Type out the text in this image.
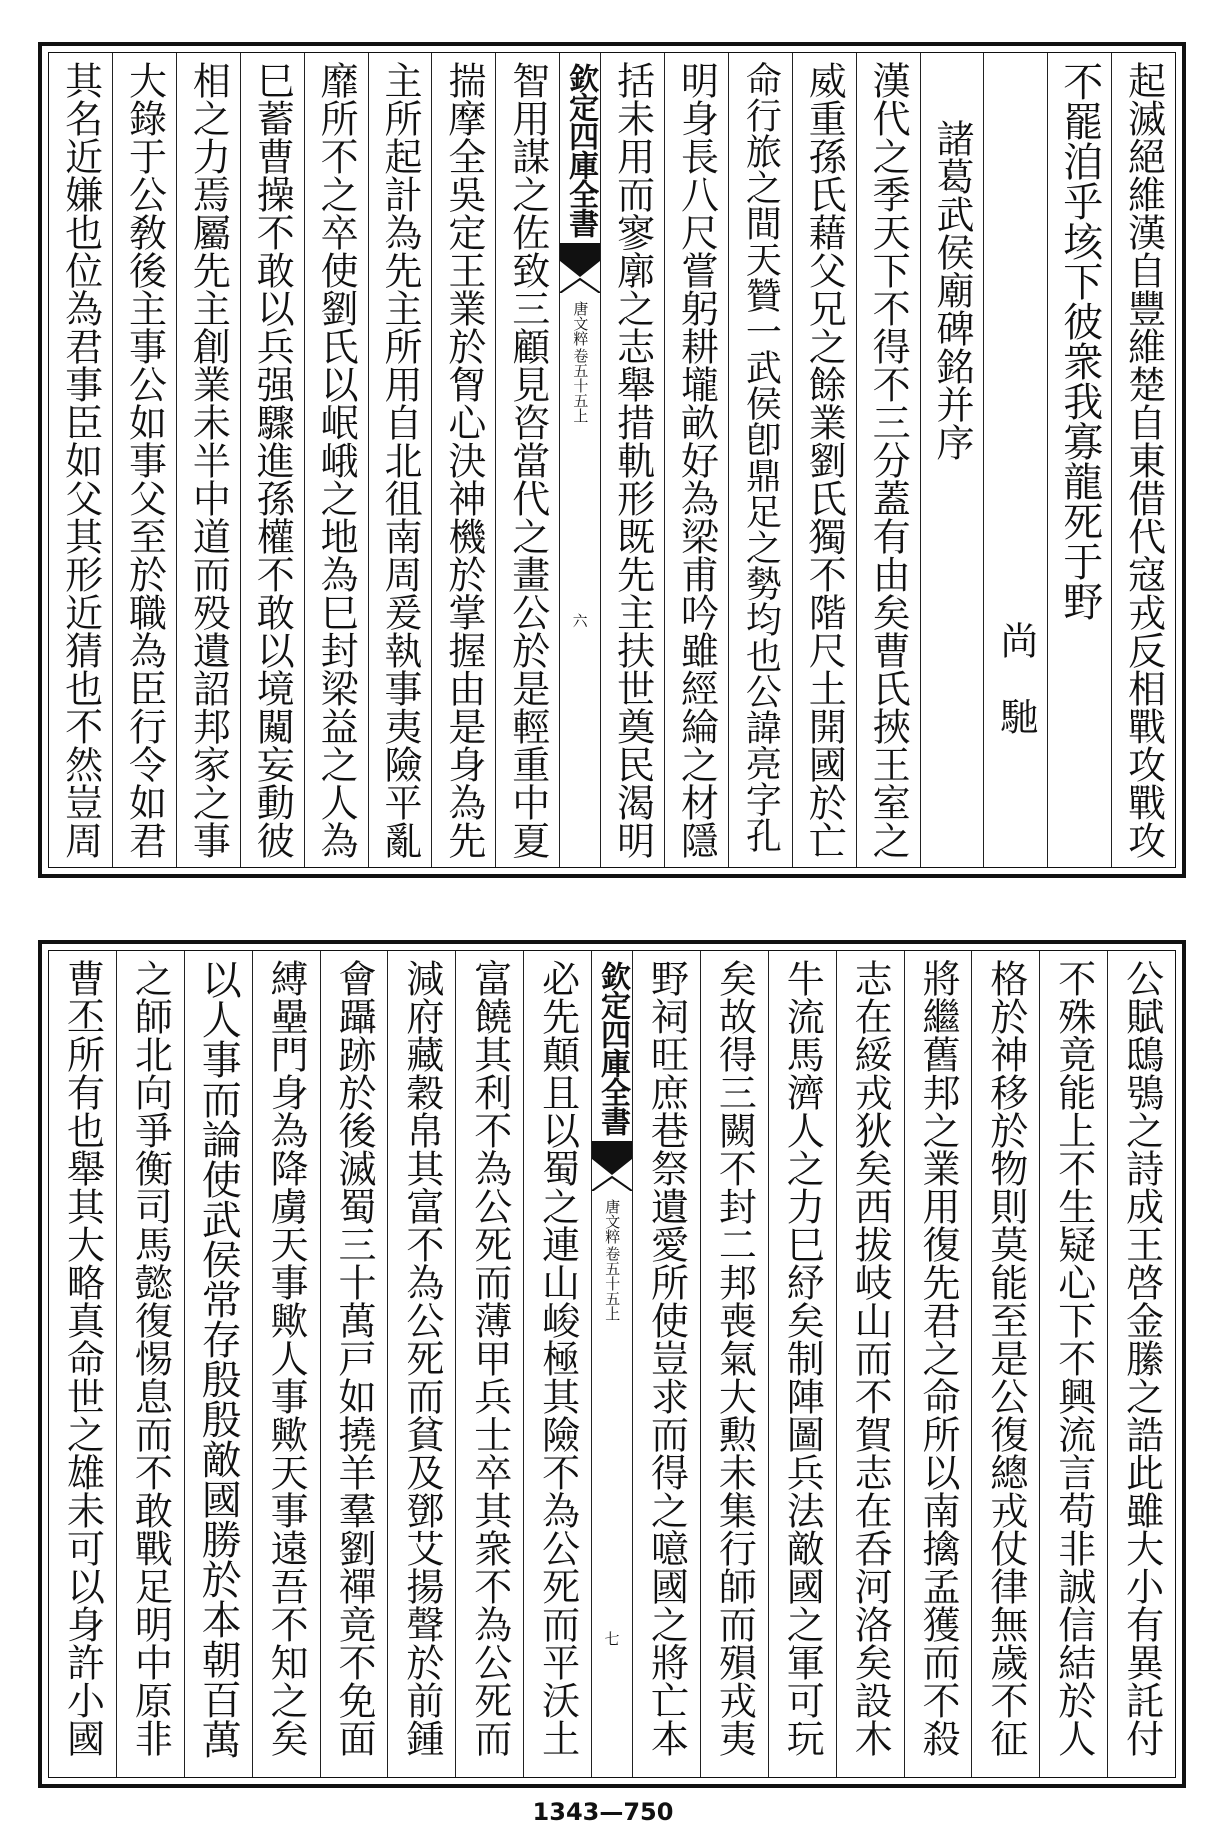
起滅絕維漢自豐維楚自東借代寇戎反相戰攻戰攻
不罷洎乎垓下彼衆我寡龍死于野
尚　馳
諸葛武侯廟碑銘并序
漢代之季天下不得不三分蓋有由矣曹氏挾王室之
威重孫氏藉父兄之餘業劉氏獨不階尺土開國於亡
命行旅之間天贊一武侯卽鼎足之勢均也公諱亮字孔
明身長八尺嘗躬耕壠畝好為梁甫吟雖經綸之材隱
括未用而寥廓之志舉措軌形既先主扶世奠民渴明
欽定四庫全書
唐文粹
卷五十五上
六
智用謀之佐致三顧見咨當代之畫公於是輕重中夏
揣摩全吳定王業於胷心決神機於掌握由是身為先
主所起計為先主所用自北徂南周爰執事夷險平亂
靡所不之卒使劉氏以岷峨之地為巳封梁益之人為
巳蓄曹操不敢以兵强驟進孫權不敢以境闚妄動彼
相之力焉屬先主創業未半中道而殁遺詔邦家之事
大錄于公敎後主事公如事父至於職為臣行令如君
其名近嫌也位為君事臣如父其形近猜也不然豈周
公賦鴟鴞之詩成王啓金縢之誥此雖大小有異託付
不殊竟能上不生疑心下不興流言苟非誠信結於人
格於神移於物則莫能至是公復總戎仗律無歲不征
將繼舊邦之業用復先君之命所以南擒孟獲而不殺
志在綏戎狄矣西拔岐山而不賀志在呑河洛矣設木
牛流馬濟人之力巳紓矣制陣圖兵法敵國之軍可玩
矣故得三闕不封二邦喪氣大勲未集行師而殞戎夷
野祠旺庶巷祭遺愛所使豈求而得之噫國之將亡本
欽定四庫全書
唐文粹
卷五十五上
七
必先顛且以蜀之連山峻極其險不為公死而平沃土
富饒其利不為公死而薄甲兵士卒其衆不為公死而
減府藏穀帛其富不為公死而貧及鄧艾揚聲於前鍾
會躡跡於後滅蜀三十萬戸如撓羊羣劉禪竟不免面
縛壘門身為降虜天事歟人事歟天事遠吾不知之矣
以人事而論使武侯常存殷殷敵國勝於本朝百萬
之師北向爭衡司馬懿復惕息而不敢戰足明中原非
曹丕所有也舉其大略真命世之雄未可以身許小國
1343—750
